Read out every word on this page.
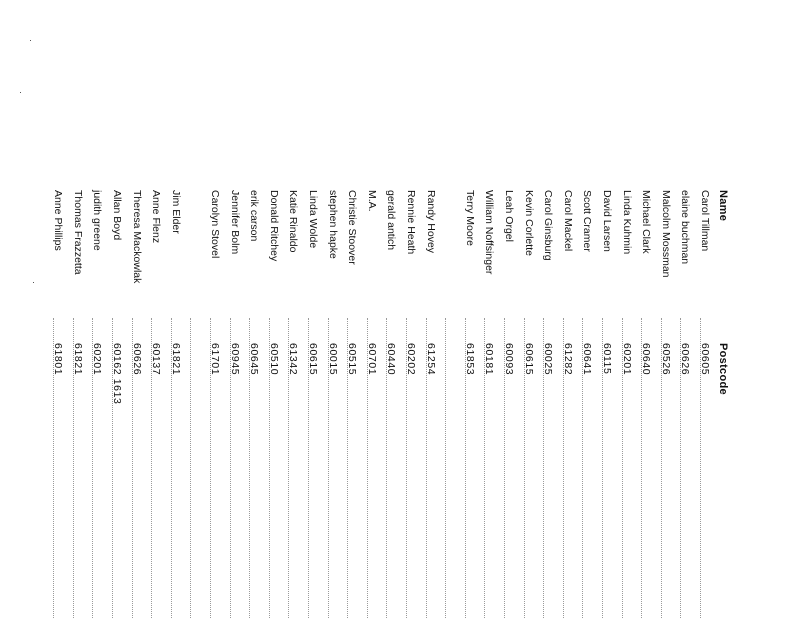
Name
Postcode
Carol Tillman
60605
elaine buchman
60626
Malcolm Mossman
60526
Michael Clark
60640
Linda Kuhmin
60201
David Larsen
60115
Scott Cramer
60641
Carol Mackel
61282
Carol Ginsburg
60025
Kevin Corlette
60615
Leah Orgel
60093
William Noffsinger
60181
Terry Moore
61853
Randy Hovey
61254
Rennie Heath
60202
gerald antich
60440
M.A.
60701
Christie Stoover
60515
stephen hapke
60015
Linda Wolde
60615
Katie Rinaldo
61342
Donald Ritchey
60510
erik carson
60645
Jennifer Bolm
60945
Carolyn Stovel
61701
Jim Elder
61821
Anne Flenz
60137
Theresa Mackowlak
60626
Allan Boyd
60162 1613
judith greene
60201
Thomas Frazzetta
61821
Anne Phillips
61801
